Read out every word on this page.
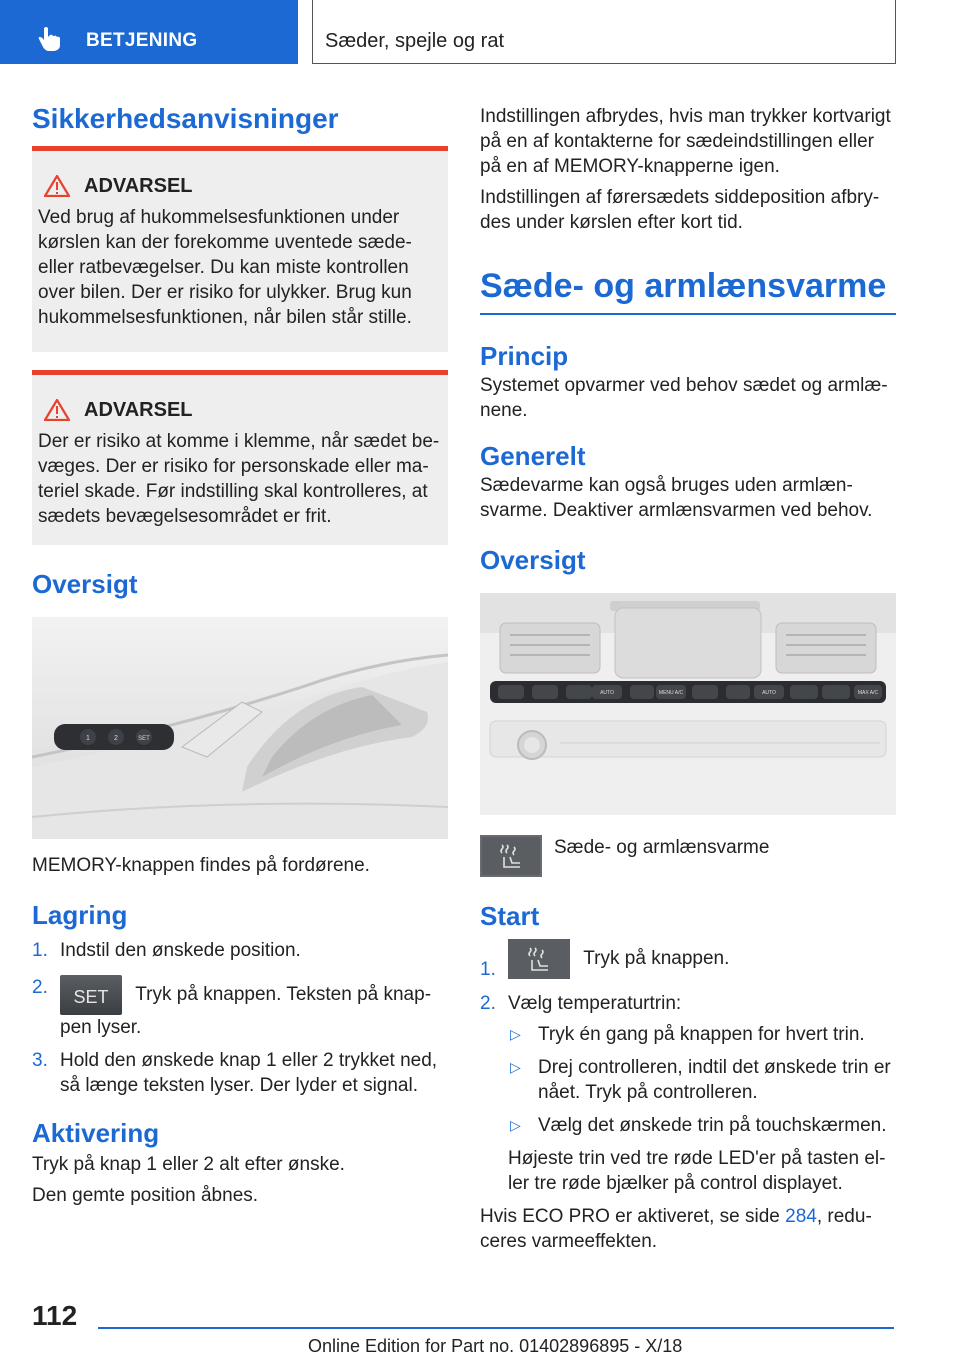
BETJENING	Sæder, spejle og rat
Sikkerhedsanvisninger
ADVARSEL

Ved brug af hukommelsesfunktionen under kørslen kan der forekomme uventede sæde- eller ratbevægelser. Du kan miste kontrollen over bilen. Der er risiko for ulykker. Brug kun hukommelsesfunktionen, når bilen står stille.

ADVARSEL

Der er risiko at komme i klemme, når sædet bevæges. Der er risiko for personskade eller materiel skade. Før indstilling skal kontrolleres, at sædets bevægelsesområdet er frit.

Oversigt
1	2	SET

MEMORY-knappen findes på fordørene.

Lagring
1. Indstil den ønskede position.
2.	SET	Tryk på knappen. Teksten på knappen lyser.
3. Hold den ønskede knap 1 eller 2 trykket ned, så længe teksten lyser. Der lyder et signal.
Aktivering

Tryk på knap 1 eller 2 alt efter ønske.

Den gemte position åbnes.

Indstillingen afbrydes, hvis man trykker kortvarigt på en af kontakterne for sædeindstillingen eller på en af MEMORY-knapperne igen.

Indstillingen af førersædets siddeposition afbrydes under kørslen efter kort tid.

Sæde- og armlænsvarme
Princip

Systemet opvarmer ved behov sædet og armlænene.

Generelt

Sædevarme kan også bruges uden armlænsvarme. Deaktiver armlænsvarmen ved behov.

Oversigt
AUTO	MENU A/C	AUTO	MAX A/C

Sæde- og armlænsvarme

Start
1.
Tryk på knappen.
2. Vælg temperaturtrin:
▷ Tryk én gang på knappen for hvert trin.
▷ Drej controlleren, indtil det ønskede trin er nået. Tryk på controlleren.
▷ Vælg det ønskede trin på touchskærmen.

Højeste trin ved tre røde LED'er på tasten eller tre røde bjælker på control displayet.

Hvis ECO PRO er aktiveret, se side 284, reduceres varmeeffekten.

112
Online Edition for Part no. 01402896895 - X/18
